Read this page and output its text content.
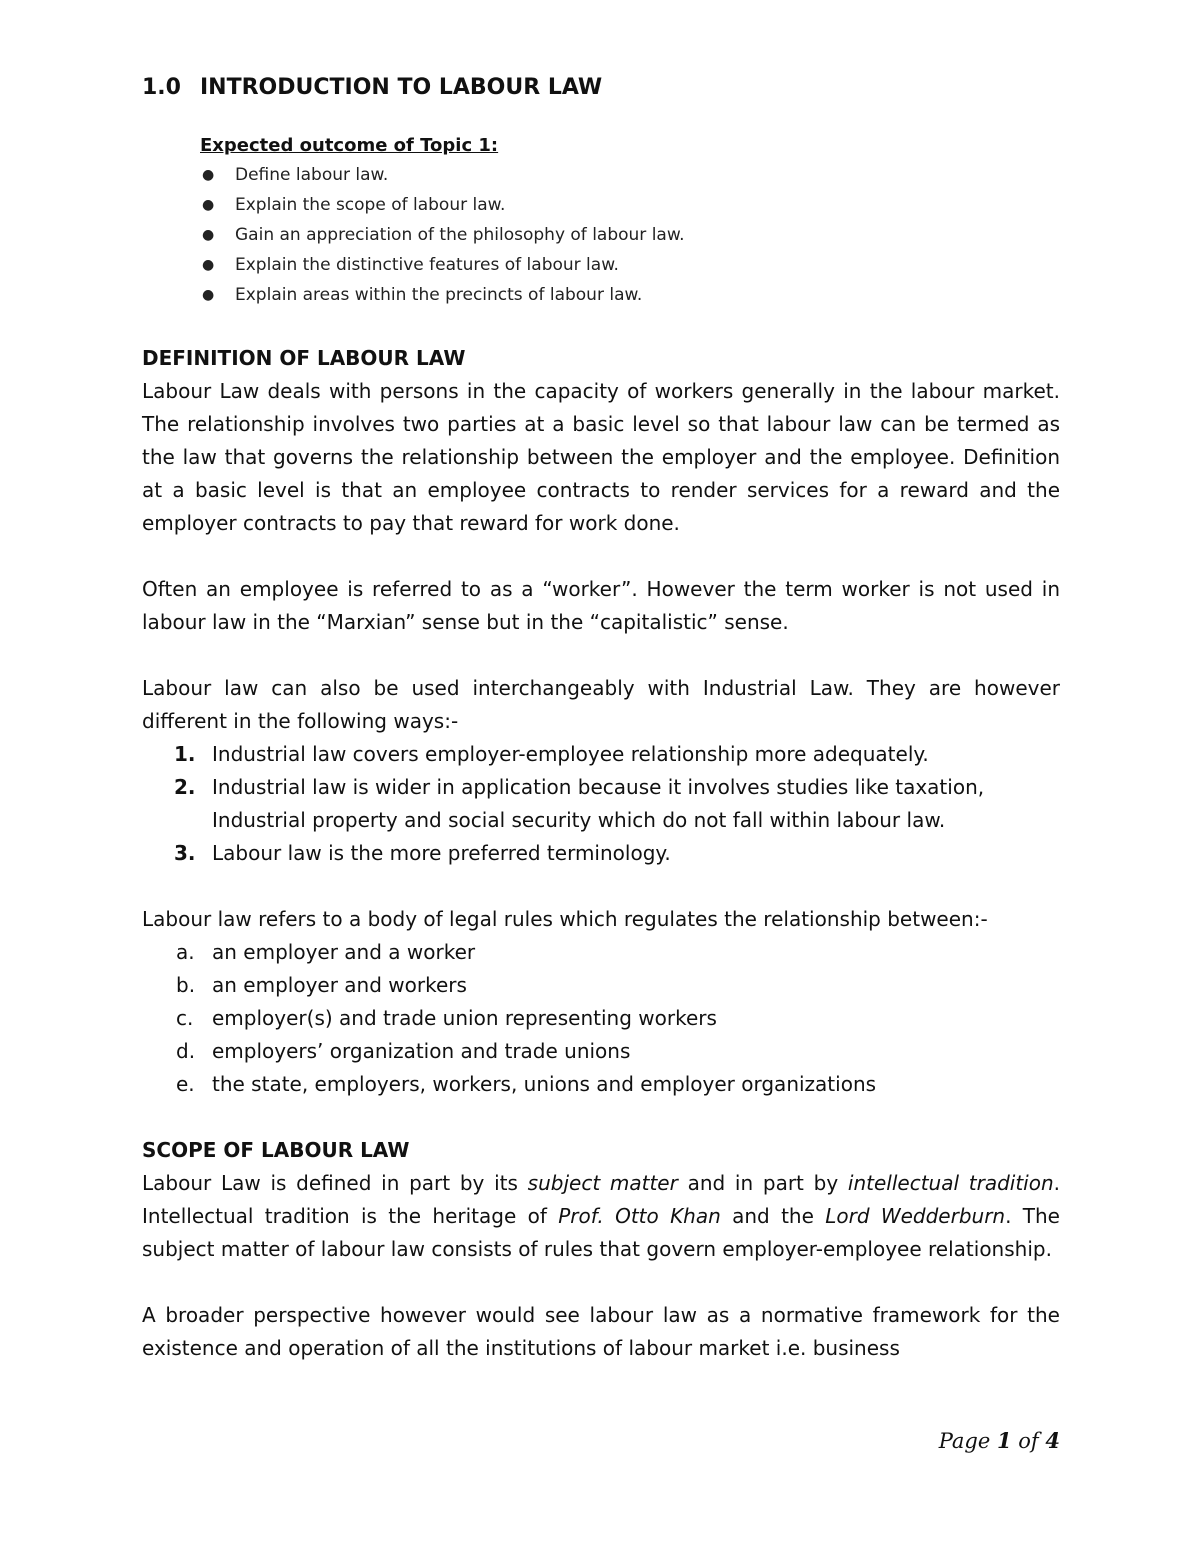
1.0 INTRODUCTION TO LABOUR LAW

Expected outcome of Topic 1:

● Define labour law.
● Explain the scope of labour law.
● Gain an appreciation of the philosophy of labour law.
● Explain the distinctive features of labour law.
● Explain areas within the precincts of labour law.
DEFINITION OF LABOUR LAW

Labour Law deals with persons in the capacity of workers generally in the labour market. The relationship involves two parties at a basic level so that labour law can be termed as the law that governs the relationship between the employer and the employee. Definition at a basic level is that an employee contracts to render services for a reward and the employer contracts to pay that reward for work done.

Often an employee is referred to as a “worker”. However the term worker is not used in labour law in the “Marxian” sense but in the “capitalistic” sense.

Labour law can also be used interchangeably with Industrial Law. They are however different in the following ways:-

1. Industrial law covers employer-employee relationship more adequately.
2. Industrial law is wider in application because it involves studies like taxation, Industrial property and social security which do not fall within labour law.
3. Labour law is the more preferred terminology.

Labour law refers to a body of legal rules which regulates the relationship between:-

a. an employer and a worker
b. an employer and workers
c. employer(s) and trade union representing workers
d. employers’ organization and trade unions
e. the state, employers, workers, unions and employer organizations
SCOPE OF LABOUR LAW

Labour Law is defined in part by its subject matter and in part by intellectual tradition. Intellectual tradition is the heritage of Prof. Otto Khan and the Lord Wedderburn. The subject matter of labour law consists of rules that govern employer-employee relationship.

A broader perspective however would see labour law as a normative framework for the existence and operation of all the institutions of labour market i.e. business

Page 1 of 4
